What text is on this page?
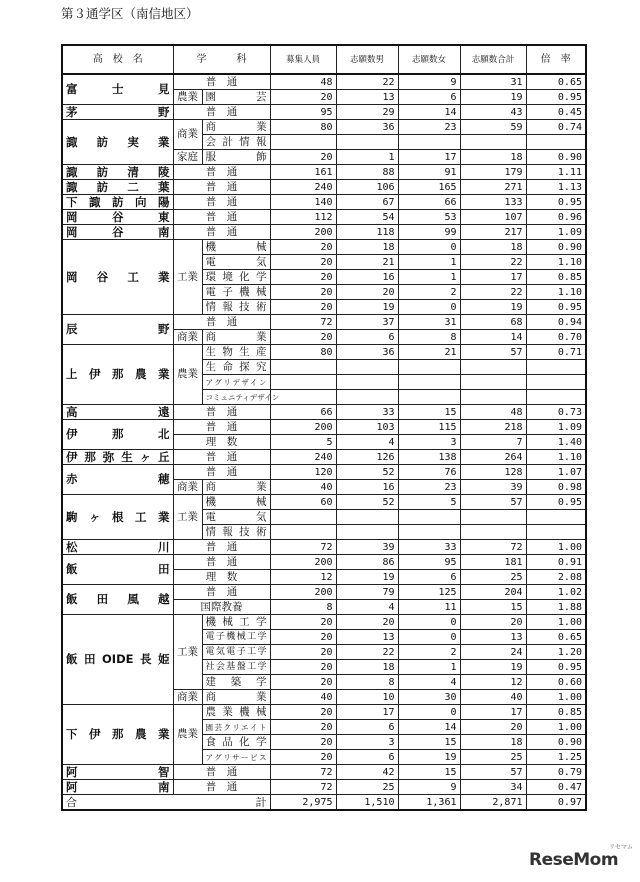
第３通学区（南信地区）
高　校　名	学　　　科		募集人員	志願数男	志願数女	志願数合計	倍　率
富　士　見	普　通		48	22	9	31	0.65
	農業	園　　芸	20	13	6	19	0.95
茅　　　野	普　通		95	29	14	43	0.45
諏　訪　実　業	商業	商　　業	80	36	23	59	0.74
		会計情報					
	家庭	服　　飾	20	1	17	18	0.90
諏訪清陵	普　通		161	88	91	179	1.11
諏訪二葉	普　通		240	106	165	271	1.13
下諏訪向陽	普　通		140	67	66	133	0.95
岡　谷　東	普　通		112	54	53	107	0.96
岡　谷　南	普　通		200	118	99	217	1.09
岡　谷　工　業	工業	機　　械	20	18	0	18	0.90
		電　　気	20	21	1	22	1.10
		環境化学	20	16	1	17	0.85
		電子機械	20	20	2	22	1.10
		情報技術	20	19	0	19	0.95
辰　　　野	普　通		72	37	31	68	0.94
	商業	商　　業	20	6	8	14	0.70
上　伊　那　農　業	農業	生物生産	80	36	21	57	0.71
		生命探究					
		アグリデザイン					
		コミュニティデザイン					
高　　　遠	普　通		66	33	15	48	0.73
伊　那　北	普　通		200	103	115	218	1.09
	理　数		5	4	3	7	1.40
伊那弥生ヶ丘	普　通		240	126	138	264	1.10
赤　　　穂	普　通		120	52	76	128	1.07
	商業	商　　業	40	16	23	39	0.98
駒ヶ根工業	工業	機　　械	60	52	5	57	0.95
		電　　気					
		情報技術					
松　　　川	普　通		72	39	33	72	1.00
飯　　　田	普　通		200	86	95	181	0.91
	理　数		12	19	6	25	2.08
飯　田　風　越	普　通		200	79	125	204	1.02
	国際教養		8	4	11	15	1.88
飯田OIDE長姫	工業	機械工学	20	20	0	20	1.00
		電子機械工学	20	13	0	13	0.65
		電気電子工学	20	22	2	24	1.20
		社会基盤工学	20	18	1	19	0.95
		建　築　学	20	8	4	12	0.60
	商業	商　　業	40	10	30	40	1.00
下　伊　那　農　業	農業	農業機械	20	17	0	17	0.85
		園芸クリエイト	20	6	14	20	1.00
		食品化学	20	3	15	18	0.90
		アグリサービス	20	6	19	25	1.25
阿　　　智	普　通		72	42	15	57	0.79
阿　　　南	普　通		72	25	9	34	0.47
合　　計			2,975	1,510	1,361	2,871	0.97
ReseMom
リセマム
